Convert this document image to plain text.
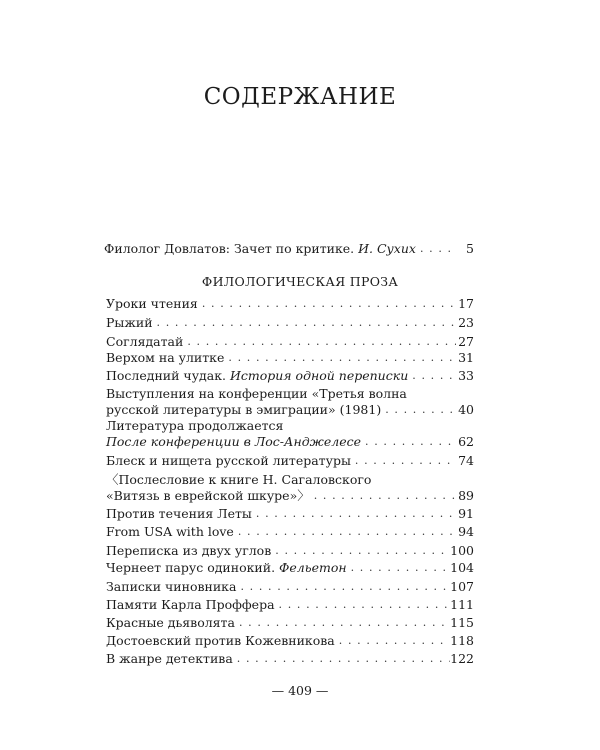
СОДЕРЖАНИЕ
Филолог Довлатов: Зачет по критике. И. Сухих . . .	5
ФИЛОЛОГИЧЕСКАЯ ПРОЗА
Уроки чтения . . .	17
Рыжий . . .	23
Соглядатай . . .	27
Верхом на улитке . . .	31
Последний чудак. История одной переписки . . .	33
Выступления на конференции «Третья волна
русской литературы в эмиграции» (1981) . . .	40
Литература продолжается
После конференции в Лос-Анджелесе . . .	62
Блеск и нищета русской литературы . . .	74
〈Послесловие к книге Н. Сагаловского
«Витязь в еврейской шкуре»〉 . . .	89
Против течения Леты . . .	91
From USA with love . . .	94
Переписка из двух углов . . .	100
Чернеет парус одинокий. Фельетон . . .	104
Записки чиновника . . .	107
Памяти Карла Проффера . . .	111
Красные дьяволята . . .	115
Достоевский против Кожевникова . . .	118
В жанре детектива . . .	122
— 409 —
